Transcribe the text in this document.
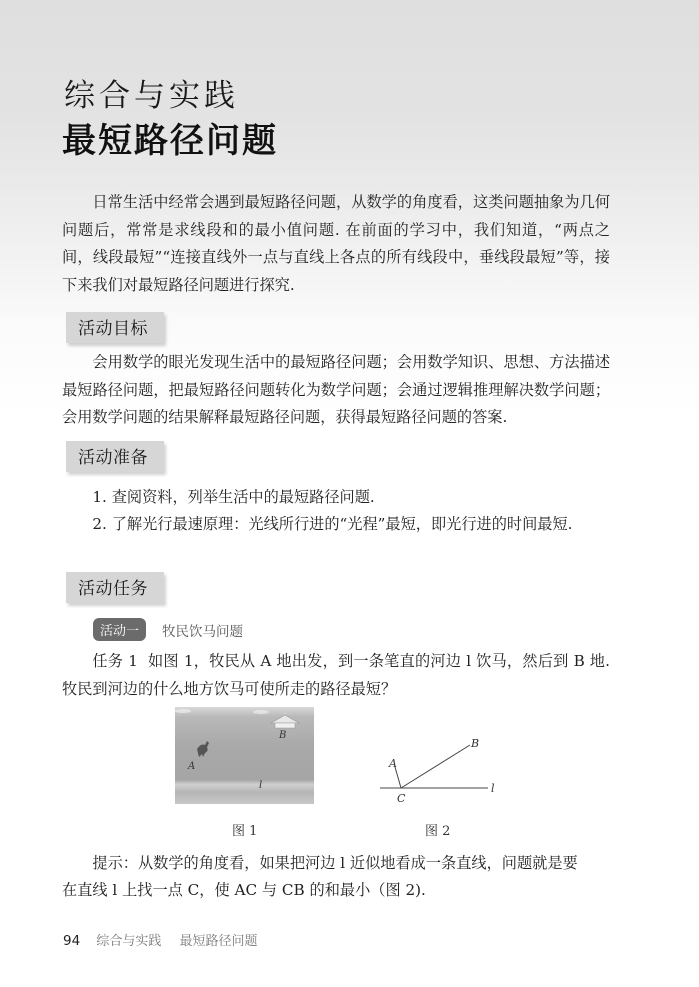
综合与实践
最短路径问题
日常生活中经常会遇到最短路径问题，从数学的角度看，这类问题抽象为几何问题后，常常是求线段和的最小值问题. 在前面的学习中，我们知道，“两点之间，线段最短”“连接直线外一点与直线上各点的所有线段中，垂线段最短”等，接下来我们对最短路径问题进行探究.
活动目标
会用数学的眼光发现生活中的最短路径问题；会用数学知识、思想、方法描述最短路径问题，把最短路径问题转化为数学问题；会通过逻辑推理解决数学问题；会用数学问题的结果解释最短路径问题，获得最短路径问题的答案.
活动准备
1. 查阅资料，列举生活中的最短路径问题.
2. 了解光行最速原理：光线所行进的“光程”最短，即光行进的时间最短.
活动任务
活动一	牧民饮马问题
任务 1 如图 1，牧民从 A 地出发，到一条笔直的河边 l 饮马，然后到 B 地. 牧民到河边的什么地方饮马可使所走的路径最短？
B
A
l
A
B
C
l
图 1	图 2
提示：从数学的角度看，如果把河边 l 近似地看成一条直线，问题就是要
在直线 l 上找一点 C，使 AC 与 CB 的和最小（图 2).
94 综合与实践 最短路径问题
